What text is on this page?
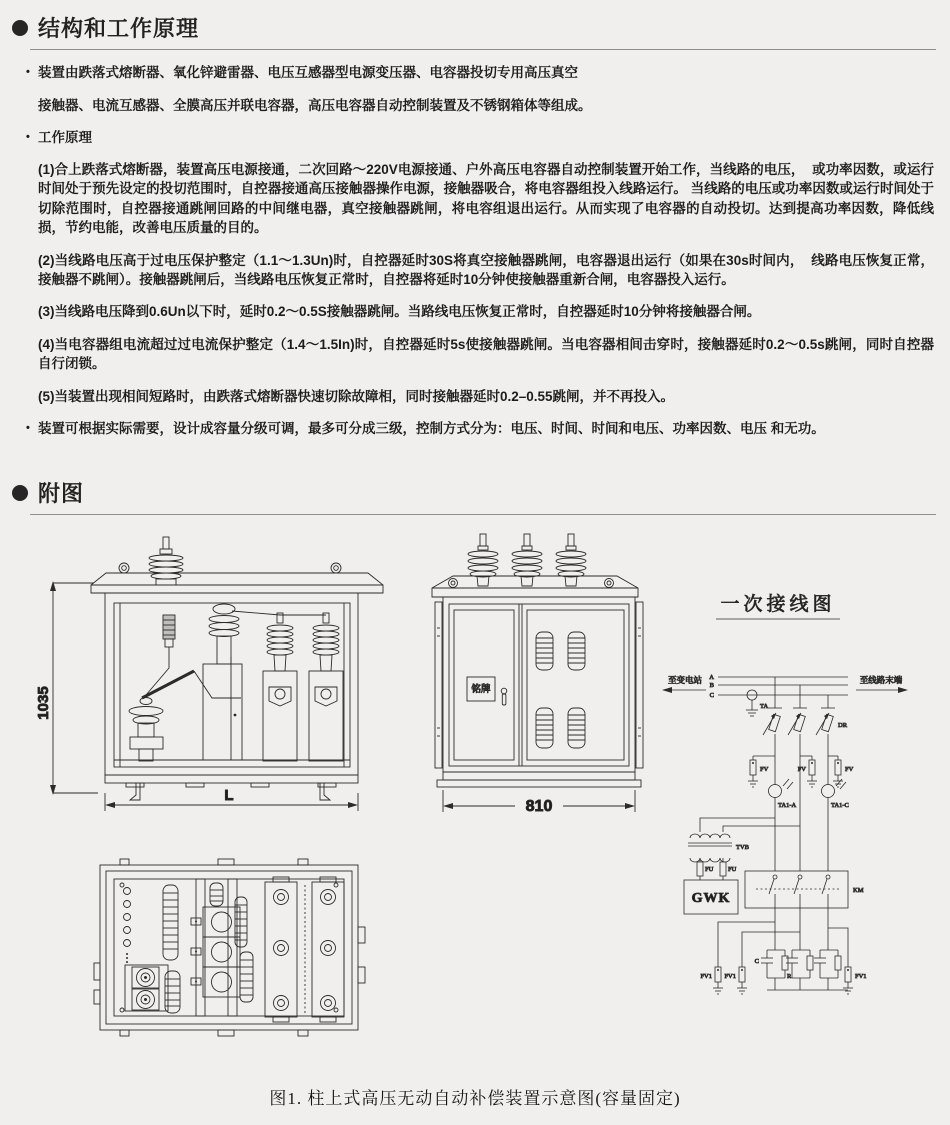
结构和工作原理
• 装置由跌落式熔断器、氧化锌避雷器、电压互感器型电源变压器、电容器投切专用高压真空
接触器、电流互感器、全膜高压并联电容器，高压电容器自动控制装置及不锈钢箱体等组成。
• 工作原理
(1)合上跌落式熔断器，装置高压电源接通，二次回路～220V电源接通、户外高压电容器自动控制装置开始工作，当线路的电压，  或功率因数，或运行时间处于预先设定的投切范围时，自控器接通高压接触器操作电源，接触器吸合，将电容器组投入线路运行。 当线路的电压或功率因数或运行时间处于切除范围时，自控器接通跳闸回路的中间继电器，真空接触器跳闸，将电容组退出运行。从而实现了电容器的自动投切。达到提高功率因数，降低线损，节约电能，改善电压质量的目的。
(2)当线路电压高于过电压保护整定（1.1～1.3Un)时，自控器延时30S将真空接触器跳闸，电容器退出运行（如果在30s时间内，  线路电压恢复正常，接触器不跳闸）。接触器跳闸后，当线路电压恢复正常时，自控器将延时10分钟使接触器重新合闸，电容器投入运行。
(3)当线路电压降到0.6Un以下时，延时0.2～0.5S接触器跳闸。当路线电压恢复正常时，自控器延时10分钟将接触器合闸。
(4)当电容器组电流超过过电流保护整定（1.4～1.5In)时，自控器延时5s使接触器跳闸。当电容器相间击穿时，接触器延时0.2～0.5s跳闸，同时自控器自行闭锁。
(5)当装置出现相间短路时，由跌落式熔断器快速切除故障相，同时接触器延时0.2–0.55跳闸，并不再投入。
• 装置可根据实际需要，设计成容量分级可调，最多可分成三级，控制方式分为：电压、时间、时间和电压、功率因数、电压 和无功。
附图
1035
L
铭牌
810
一次接线图
A
B
C
至变电站	至线路末端
TA
DR
FV	FV	FV
TA1-A	TA1-C
TVB
FU FU
GWK
KM
FV1 FV1	FV1
C
R
图1. 柱上式高压无动自动补偿装置示意图(容量固定)
